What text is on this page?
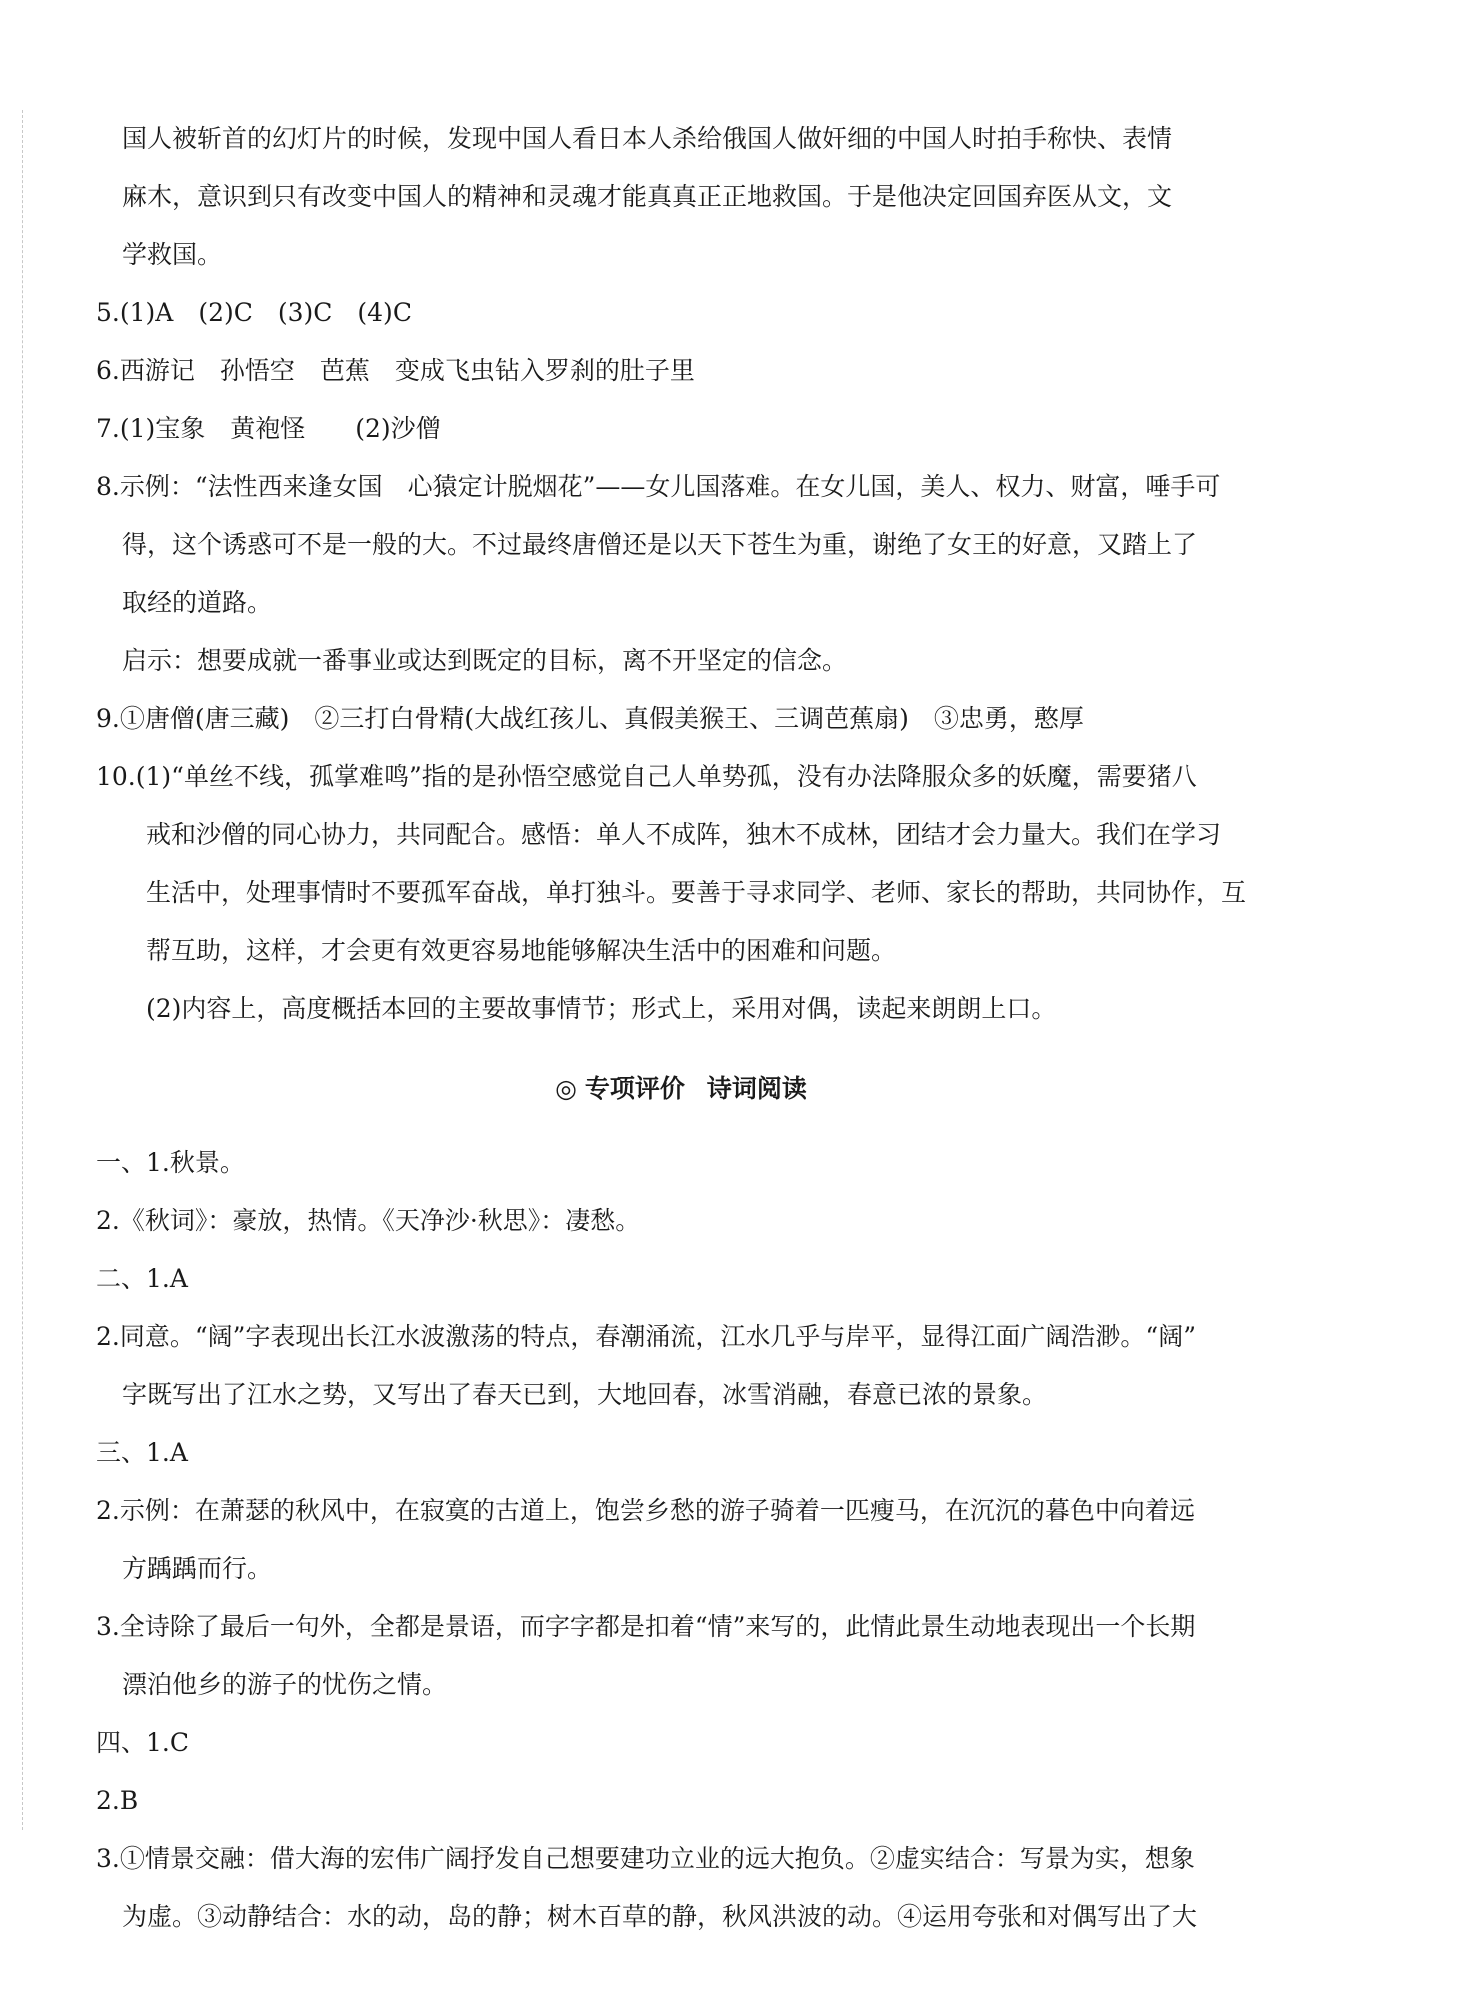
国人被斩首的幻灯片的时候，发现中国人看日本人杀给俄国人做奸细的中国人时拍手称快、表情
麻木，意识到只有改变中国人的精神和灵魂才能真真正正地救国。于是他决定回国弃医从文，文
学救国。
5.(1)A　(2)C　(3)C　(4)C
6.西游记　孙悟空　芭蕉　变成飞虫钻入罗刹的肚子里
7.(1)宝象　黄袍怪　　(2)沙僧
8.示例：“法性西来逢女国　心猿定计脱烟花”——女儿国落难。在女儿国，美人、权力、财富，唾手可
得，这个诱惑可不是一般的大。不过最终唐僧还是以天下苍生为重，谢绝了女王的好意，又踏上了
取经的道路。
启示：想要成就一番事业或达到既定的目标，离不开坚定的信念。
9.①唐僧(唐三藏)　②三打白骨精(大战红孩儿、真假美猴王、三调芭蕉扇)　③忠勇，憨厚
10.(1)“单丝不线，孤掌难鸣”指的是孙悟空感觉自己人单势孤，没有办法降服众多的妖魔，需要猪八
戒和沙僧的同心协力，共同配合。感悟：单人不成阵，独木不成林，团结才会力量大。我们在学习
生活中，处理事情时不要孤军奋战，单打独斗。要善于寻求同学、老师、家长的帮助，共同协作，互
帮互助，这样，才会更有效更容易地能够解决生活中的困难和问题。
(2)内容上，高度概括本回的主要故事情节；形式上，采用对偶，读起来朗朗上口。
◎ 专项评价 诗词阅读
一、1.秋景。
2.《秋词》：豪放，热情。《天净沙·秋思》：凄愁。
二、1.A
2.同意。“阔”字表现出长江水波激荡的特点，春潮涌流，江水几乎与岸平，显得江面广阔浩渺。“阔”
字既写出了江水之势，又写出了春天已到，大地回春，冰雪消融，春意已浓的景象。
三、1.A
2.示例：在萧瑟的秋风中，在寂寞的古道上，饱尝乡愁的游子骑着一匹瘦马，在沉沉的暮色中向着远
方踽踽而行。
3.全诗除了最后一句外，全都是景语，而字字都是扣着“情”来写的，此情此景生动地表现出一个长期
漂泊他乡的游子的忧伤之情。
四、1.C
2.B
3.①情景交融：借大海的宏伟广阔抒发自己想要建功立业的远大抱负。②虚实结合：写景为实，想象
为虚。③动静结合：水的动，岛的静；树木百草的静，秋风洪波的动。④运用夸张和对偶写出了大
